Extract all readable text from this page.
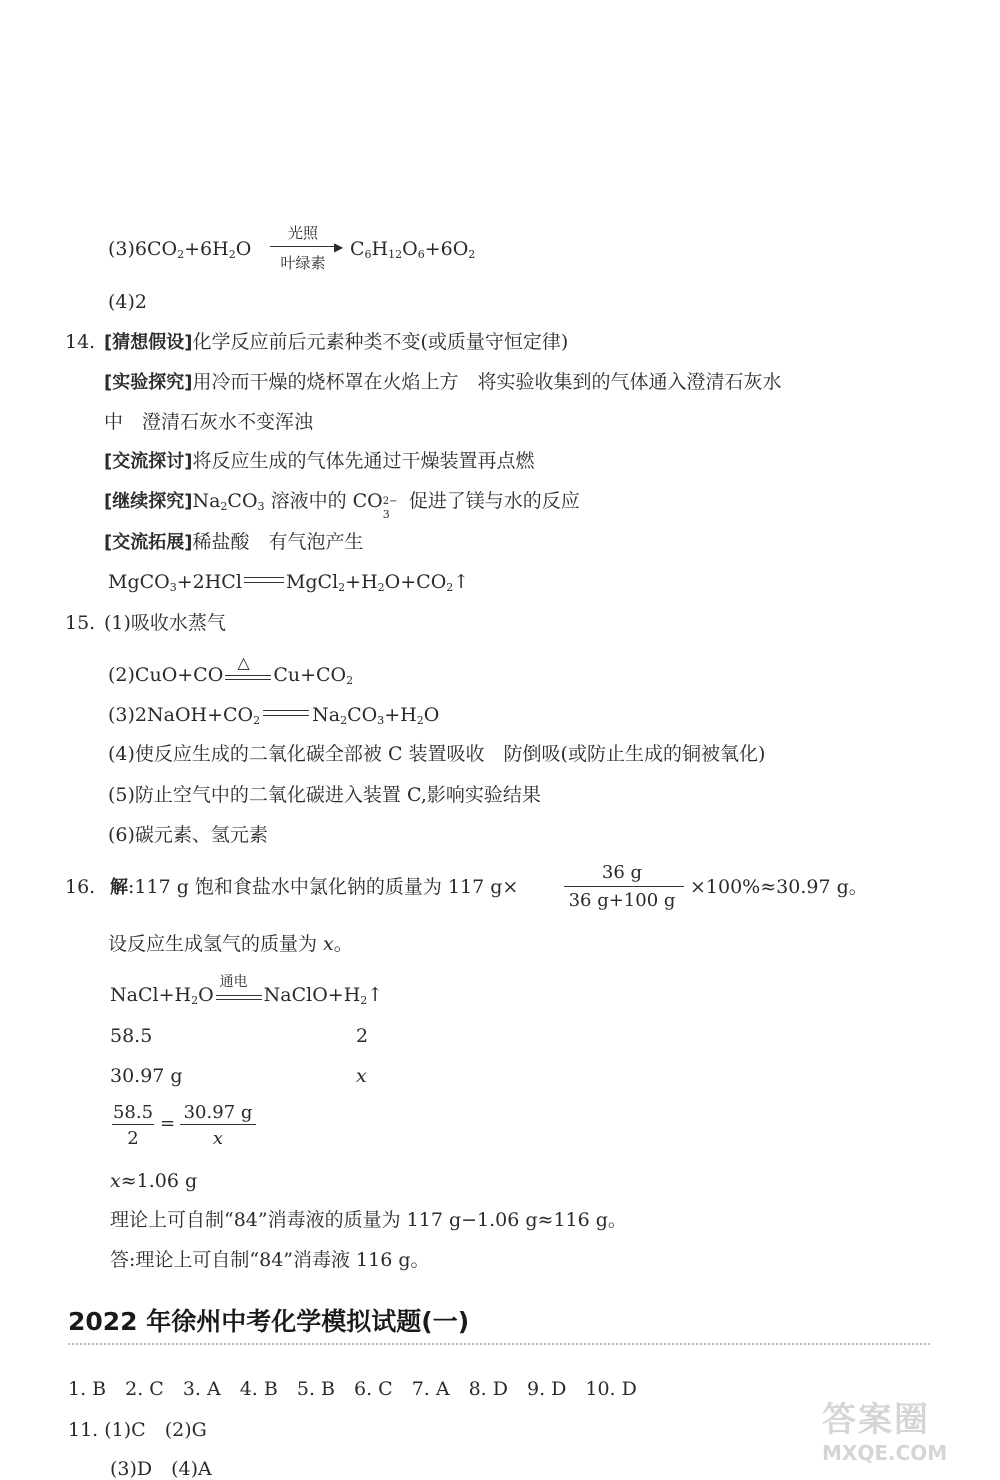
$(3)6CO_2+6H_2O$
光照
▶
叶绿素
$C_6H_{12}O_6+6O_2$
(4)2
14. [猜想假设]化学反应前后元素种类不变(或质量守恒定律)
[实验探究]用冷而干燥的烧杯罩在火焰上方　将实验收集到的气体通入澄清石灰水
中　澄清石灰水不变浑浊
[交流探讨]将反应生成的气体先通过干燥装置再点燃
[继续探究]$Na_2CO_3$ 溶液中的 CO 2−
3
促进了镁与水的反应
[交流拓展]稀盐酸　有气泡产生
MgCO$_3$+2HCl $MgCl_2+H_2O+CO_2↑$
15. (1)吸收水蒸气
(2)CuO+CO
△
$Cu+CO_2$
$(3)2NaOH+CO_2$	$Na_2CO_3+H_2O$
(4)使反应生成的二氧化碳全部被 C 装置吸收　防倒吸(或防止生成的铜被氧化)
(5)防止空气中的二氧化碳进入装置 C,影响实验结果
(6)碳元素、氢元素
16. 解:117 g 饱和食盐水中氯化钠的质量为 117 g×
36 g
36 g+100 g
×100%≈30.97 g。
设反应生成氢气的质量为 x。
$NaCl+H_2O$
通电
$NaClO+H_2↑$
58.5	2
30.97 g	x
58.5
2
=
30.97 g
x
x≈1.06 g
理论上可自制“84”消毒液的质量为 117 g−1.06 g≈116 g。
答:理论上可自制“84”消毒液 116 g。
2022 年徐州中考化学模拟试题(一)
1. B　2. C　3. A　4. B　5. B　6. C　7. A　8. D　9. D　10. D
11. (1)C　(2)G
(3)D　(4)A
答案圈
MXQE.COM
